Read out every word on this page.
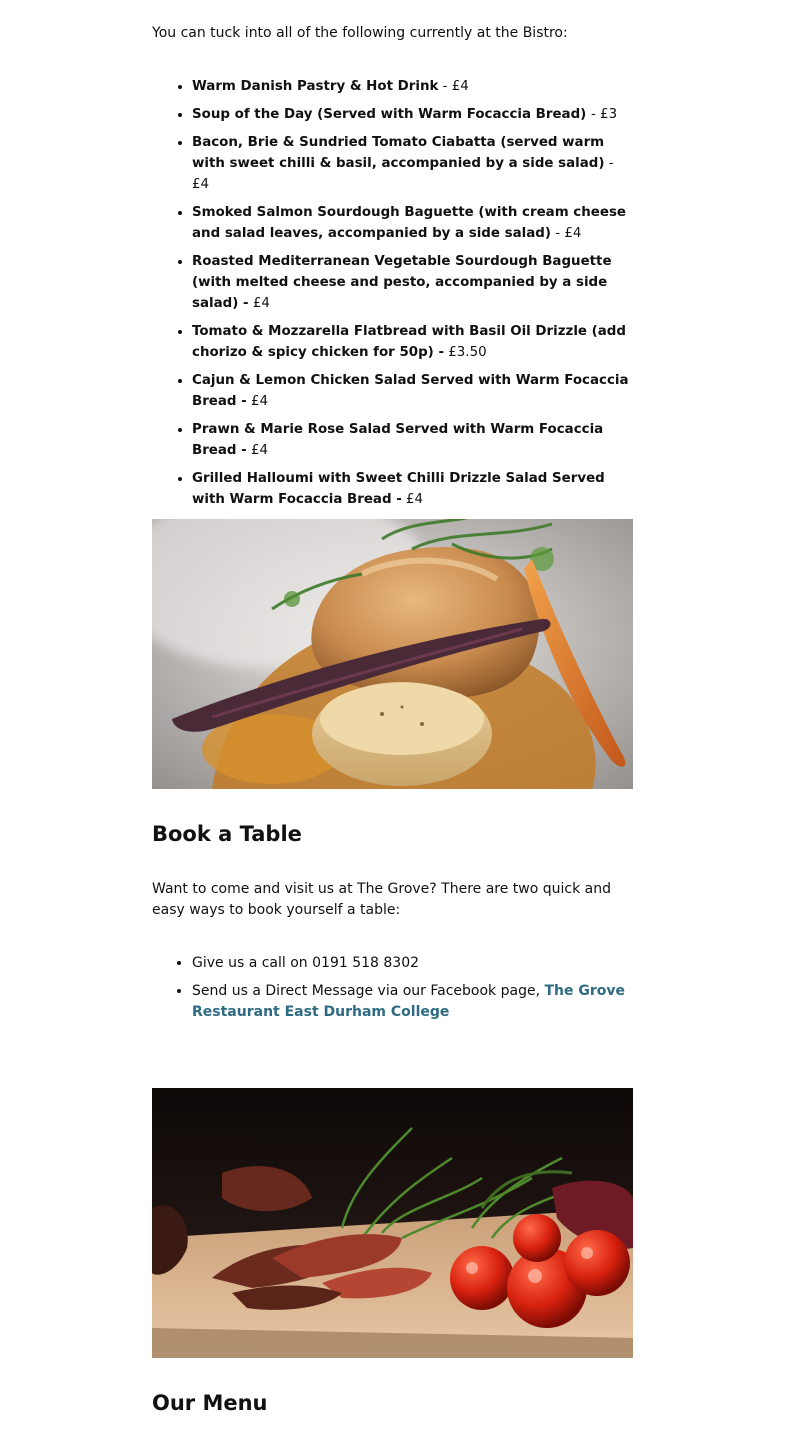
You can tuck into all of the following currently at the Bistro:

• Warm Danish Pastry & Hot Drink - £4
• Soup of the Day (Served with Warm Focaccia Bread) - £3
• Bacon, Brie & Sundried Tomato Ciabatta (served warm with sweet chilli & basil, accompanied by a side salad) - £4
• Smoked Salmon Sourdough Baguette (with cream cheese and salad leaves, accompanied by a side salad) - £4
• Roasted Mediterranean Vegetable Sourdough Baguette (with melted cheese and pesto, accompanied by a side salad) - £4
• Tomato & Mozzarella Flatbread with Basil Oil Drizzle (add chorizo & spicy chicken for 50p) - £3.50
• Cajun & Lemon Chicken Salad Served with Warm Focaccia Bread - £4
• Prawn & Marie Rose Salad Served with Warm Focaccia Bread - £4
• Grilled Halloumi with Sweet Chilli Drizzle Salad Served with Warm Focaccia Bread - £4
•
Book a Table

Want to come and visit us at The Grove? There are two quick and easy ways to book yourself a table:

• Give us a call on 0191 518 8302
• Send us a Direct Message via our Facebook page, The Grove Restaurant East Durham College
Our Menu
